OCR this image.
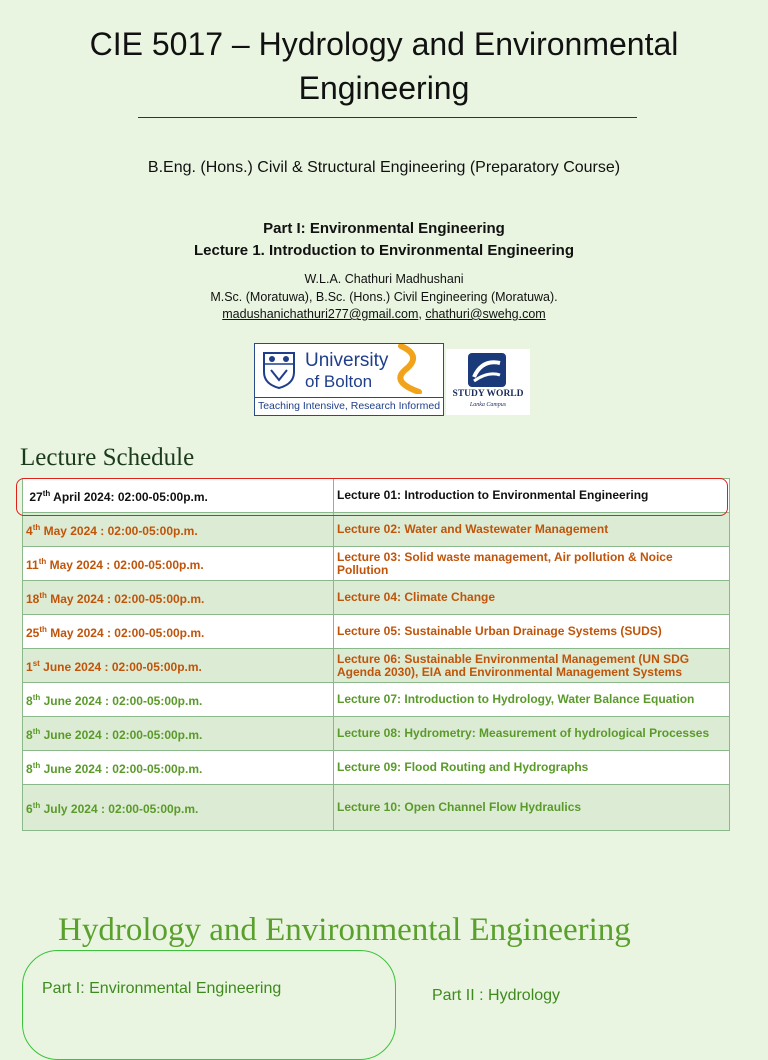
CIE 5017 – Hydrology and Environmental Engineering
B.Eng. (Hons.) Civil & Structural Engineering (Preparatory Course)
Part I: Environmental Engineering
Lecture 1. Introduction to Environmental Engineering
W.L.A. Chathuri Madhushani
M.Sc. (Moratuwa), B.Sc. (Hons.) Civil Engineering (Moratuwa).
madushanichathuri277@gmail.com, chathuri@swehg.com
University
of Bolton
Teaching Intensive, Research Informed
STUDY WORLD
Lanka Campus
Lecture Schedule
27th April 2024: 02:00-05:00p.m.	Lecture 01: Introduction to Environmental Engineering
4th May 2024 : 02:00-05:00p.m.	Lecture 02: Water and Wastewater Management
11th May 2024 : 02:00-05:00p.m.	Lecture 03: Solid waste management, Air pollution & Noice Pollution
18th May 2024 : 02:00-05:00p.m.	Lecture 04: Climate Change
25th May 2024 : 02:00-05:00p.m.	Lecture 05: Sustainable Urban Drainage Systems (SUDS)
1st June 2024 : 02:00-05:00p.m.	Lecture 06: Sustainable Environmental Management (UN SDG Agenda 2030), EIA and Environmental Management Systems
8th June 2024 : 02:00-05:00p.m.	Lecture 07: Introduction to Hydrology, Water Balance Equation
8th June 2024 : 02:00-05:00p.m.	Lecture 08: Hydrometry: Measurement of hydrological Processes
8th June 2024 : 02:00-05:00p.m.	Lecture 09: Flood Routing and Hydrographs
6th July 2024 : 02:00-05:00p.m.	Lecture 10: Open Channel Flow Hydraulics
Hydrology and Environmental Engineering
Part I: Environmental Engineering	Part II : Hydrology
